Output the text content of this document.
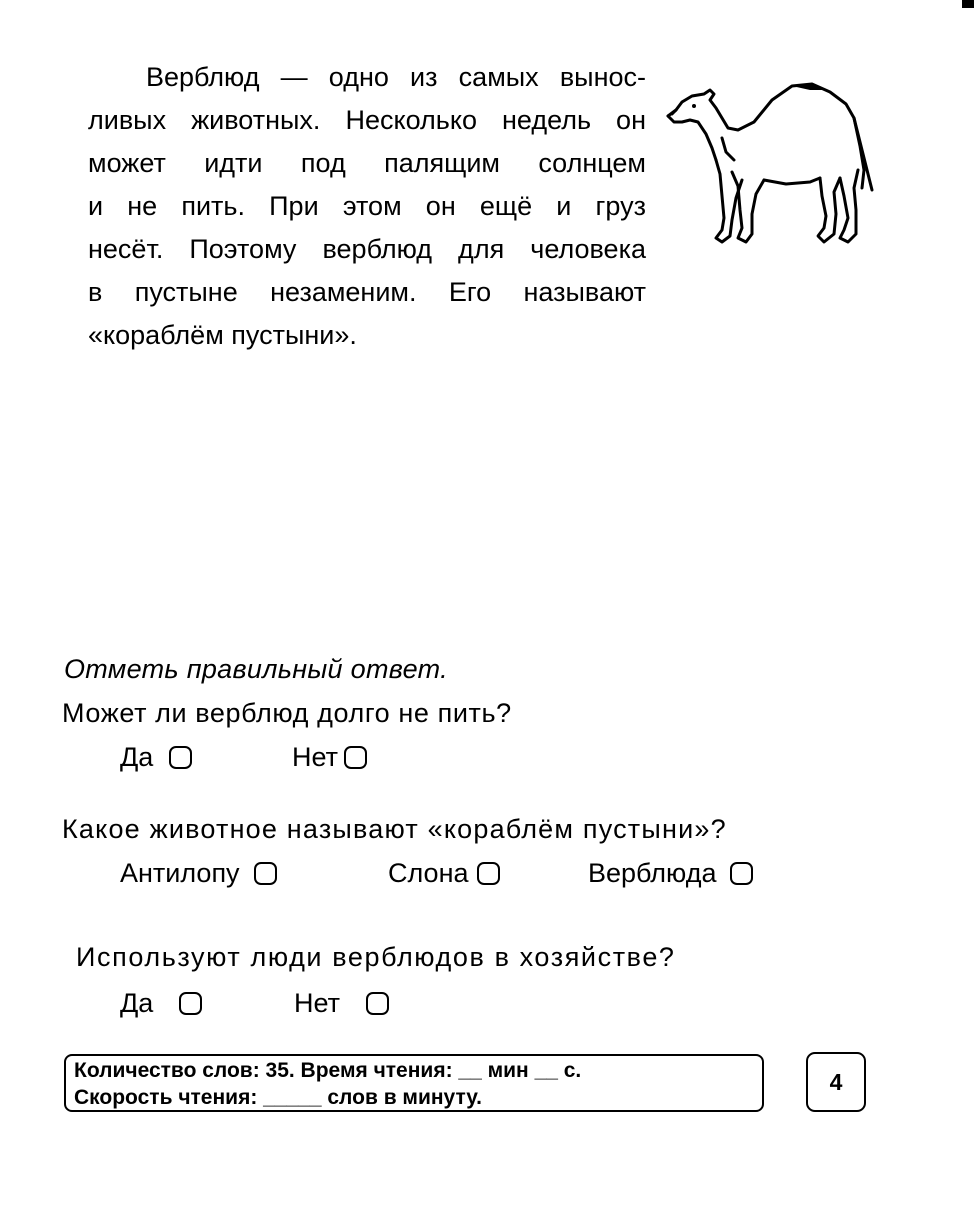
Верблюд — одно из самых вынос-
ливых животных. Несколько недель он
может идти под палящим солнцем
и не пить. При этом он ещё и груз
несёт. Поэтому верблюд для человека
в пустыне незаменим. Его называют
«кораблём пустыни».
Отметь правильный ответ.
Может ли верблюд долго не пить?
Да	Нет
Какое животное называют «кораблём пустыни»?
Антилопу	Слона	Верблюда
Используют люди верблюдов в хозяйстве?
Да	Нет
Количество слов: 35. Время чтения: __ мин __ с.
Скорость чтения: _____ слов в минуту.
4
